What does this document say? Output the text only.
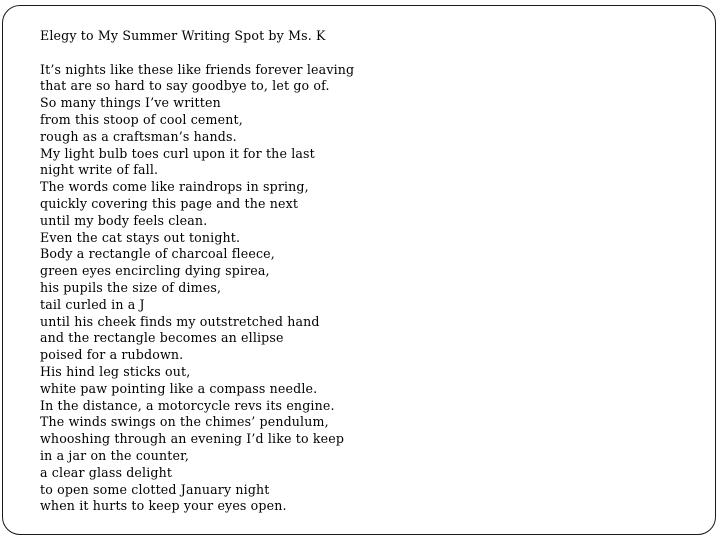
Elegy to My Summer Writing Spot by Ms. K
It’s nights like these like friends forever leaving
that are so hard to say goodbye to, let go of.
So many things I’ve written
from this stoop of cool cement,
rough as a craftsman’s hands.
My light bulb toes curl upon it for the last
night write of fall.
The words come like raindrops in spring,
quickly covering this page and the next
until my body feels clean.
Even the cat stays out tonight.
Body a rectangle of charcoal fleece,
green eyes encircling dying spirea,
his pupils the size of dimes,
tail curled in a J
until his cheek finds my outstretched hand
and the rectangle becomes an ellipse
poised for a rubdown.
His hind leg sticks out,
white paw pointing like a compass needle.
In the distance, a motorcycle revs its engine.
The winds swings on the chimes’ pendulum,
whooshing through an evening I’d like to keep
in a jar on the counter,
a clear glass delight
to open some clotted January night
when it hurts to keep your eyes open.
